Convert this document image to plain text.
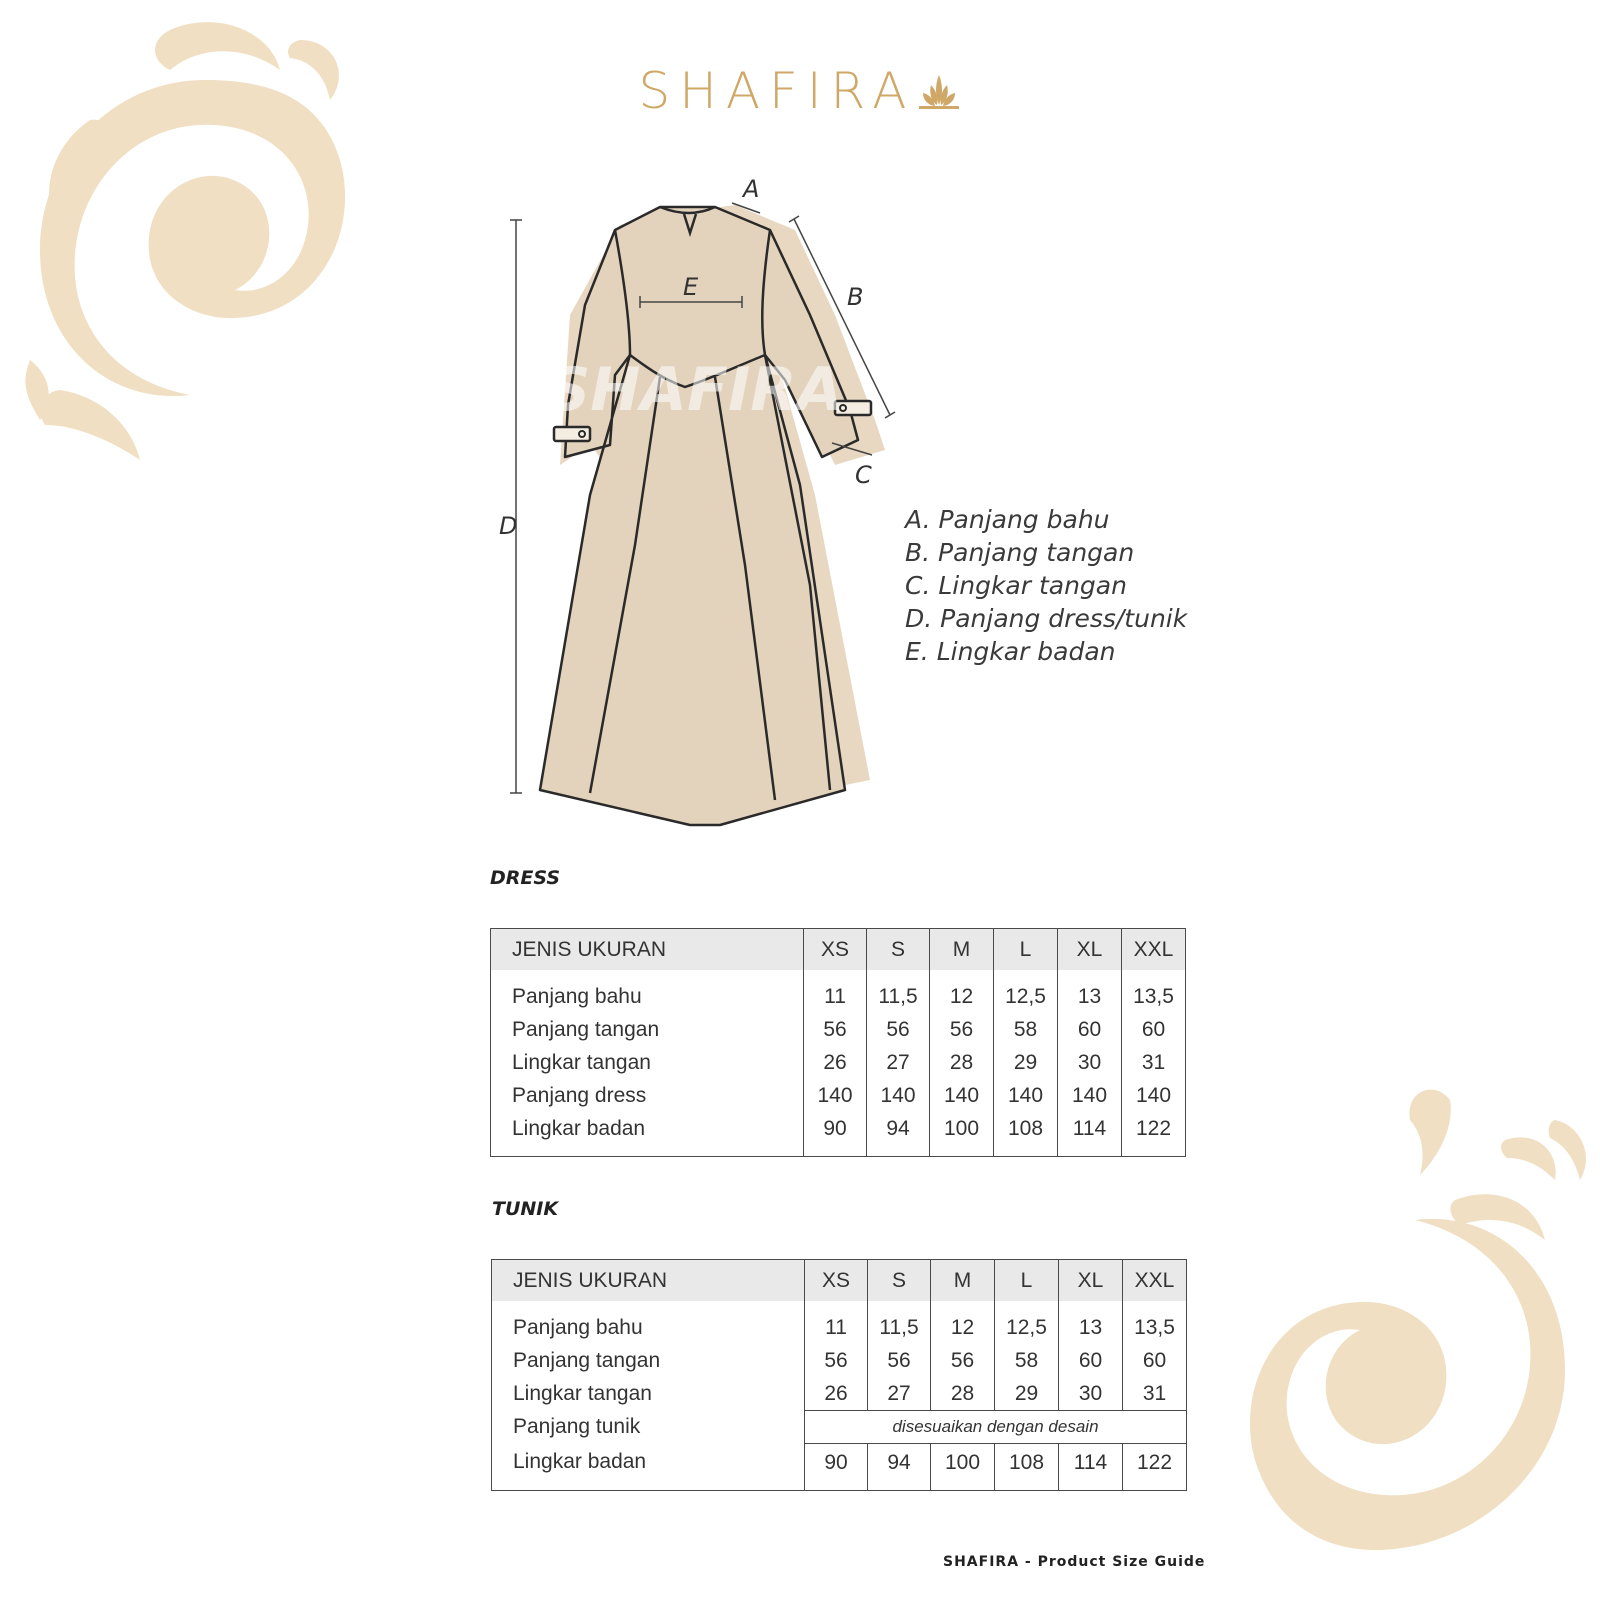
SHAFIRA
SHAFIRA
A
B
C
D
E
A. Panjang bahu
B. Panjang tangan
C. Lingkar tangan
D. Panjang dress/tunik
E. Lingkar badan
DRESS
JENIS UKURAN	XS	S	M	L	XL	XXL
Panjang bahu	11	11,5	12	12,5	13	13,5
Panjang tangan	56	56	56	58	60	60
Lingkar tangan	26	27	28	29	30	31
Panjang dress	140	140	140	140	140	140
Lingkar badan	90	94	100	108	114	122
TUNIK
JENIS UKURAN	XS	S	M	L	XL	XXL
Panjang bahu	11	11,5	12	12,5	13	13,5
Panjang tangan	56	56	56	58	60	60
Lingkar tangan	26	27	28	29	30	31
Panjang tunik	disesuaikan dengan desain					
Lingkar badan	90	94	100	108	114	122
SHAFIRA - Product Size Guide
